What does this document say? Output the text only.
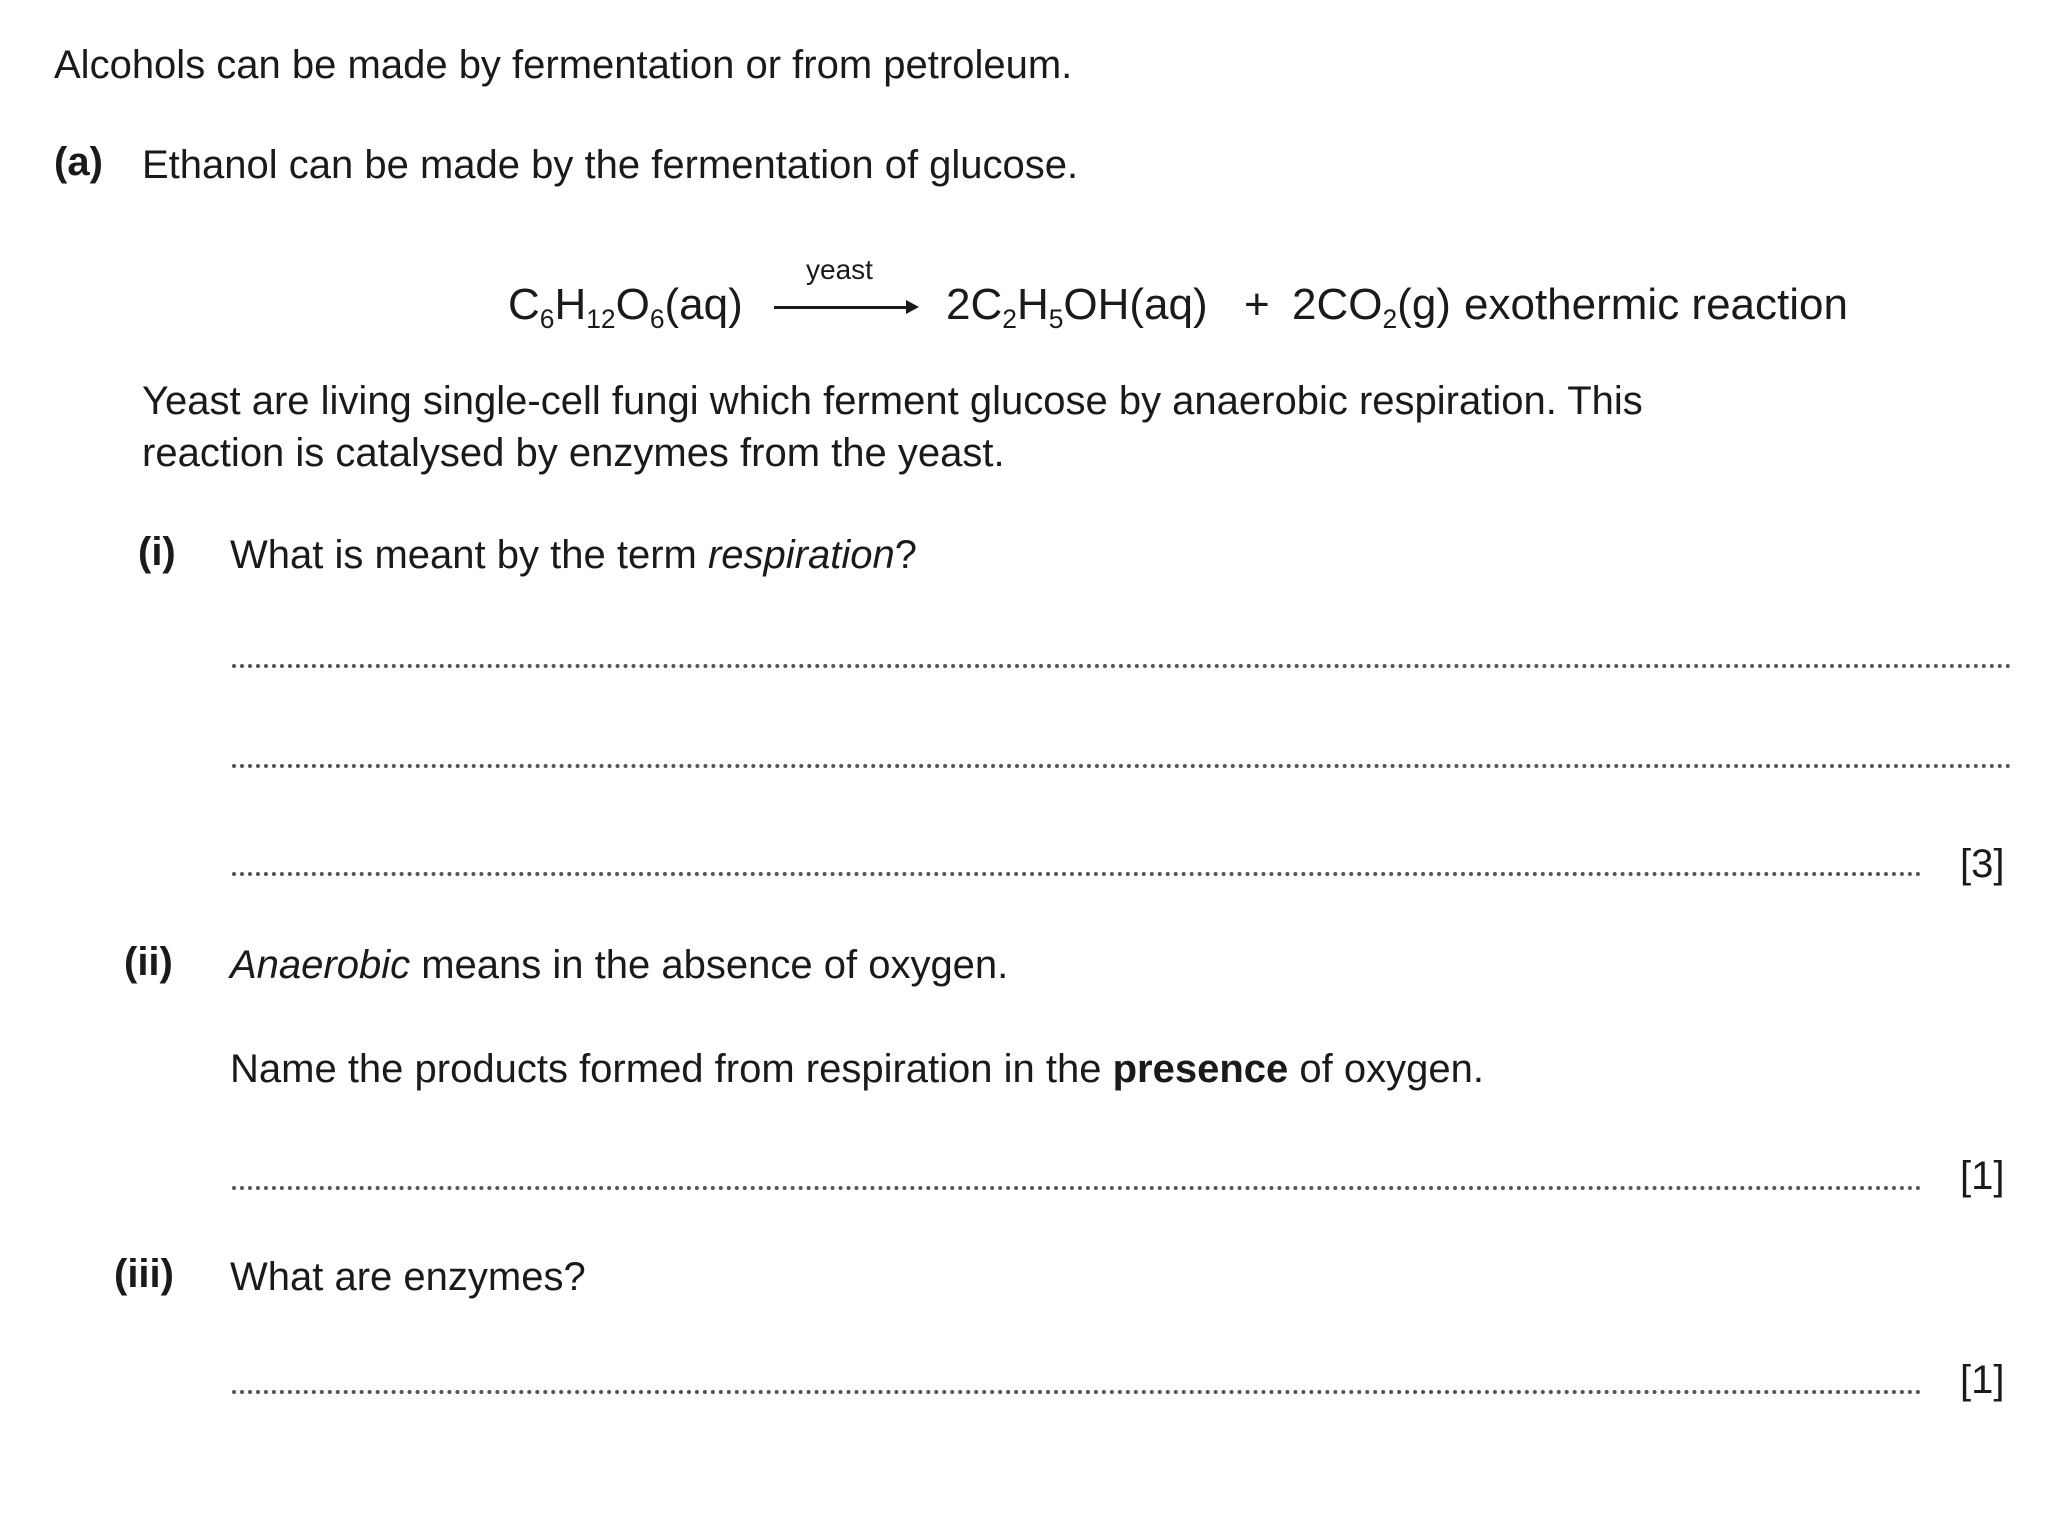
Alcohols can be made by fermentation or from petroleum.
(a) Ethanol can be made by the fermentation of glucose.
$C_6H_{12}O_6(aq)$
yeast
$2C_2H_5OH(aq) + 2CO_2(g)$ exothermic reaction
Yeast are living single-cell fungi which ferment glucose by anaerobic respiration. This
reaction is catalysed by enzymes from the yeast.
(i) What is meant by the term respiration?
[3]
(ii) Anaerobic means in the absence of oxygen.
Name the products formed from respiration in the presence of oxygen.
[1]
(iii) What are enzymes?
[1]
